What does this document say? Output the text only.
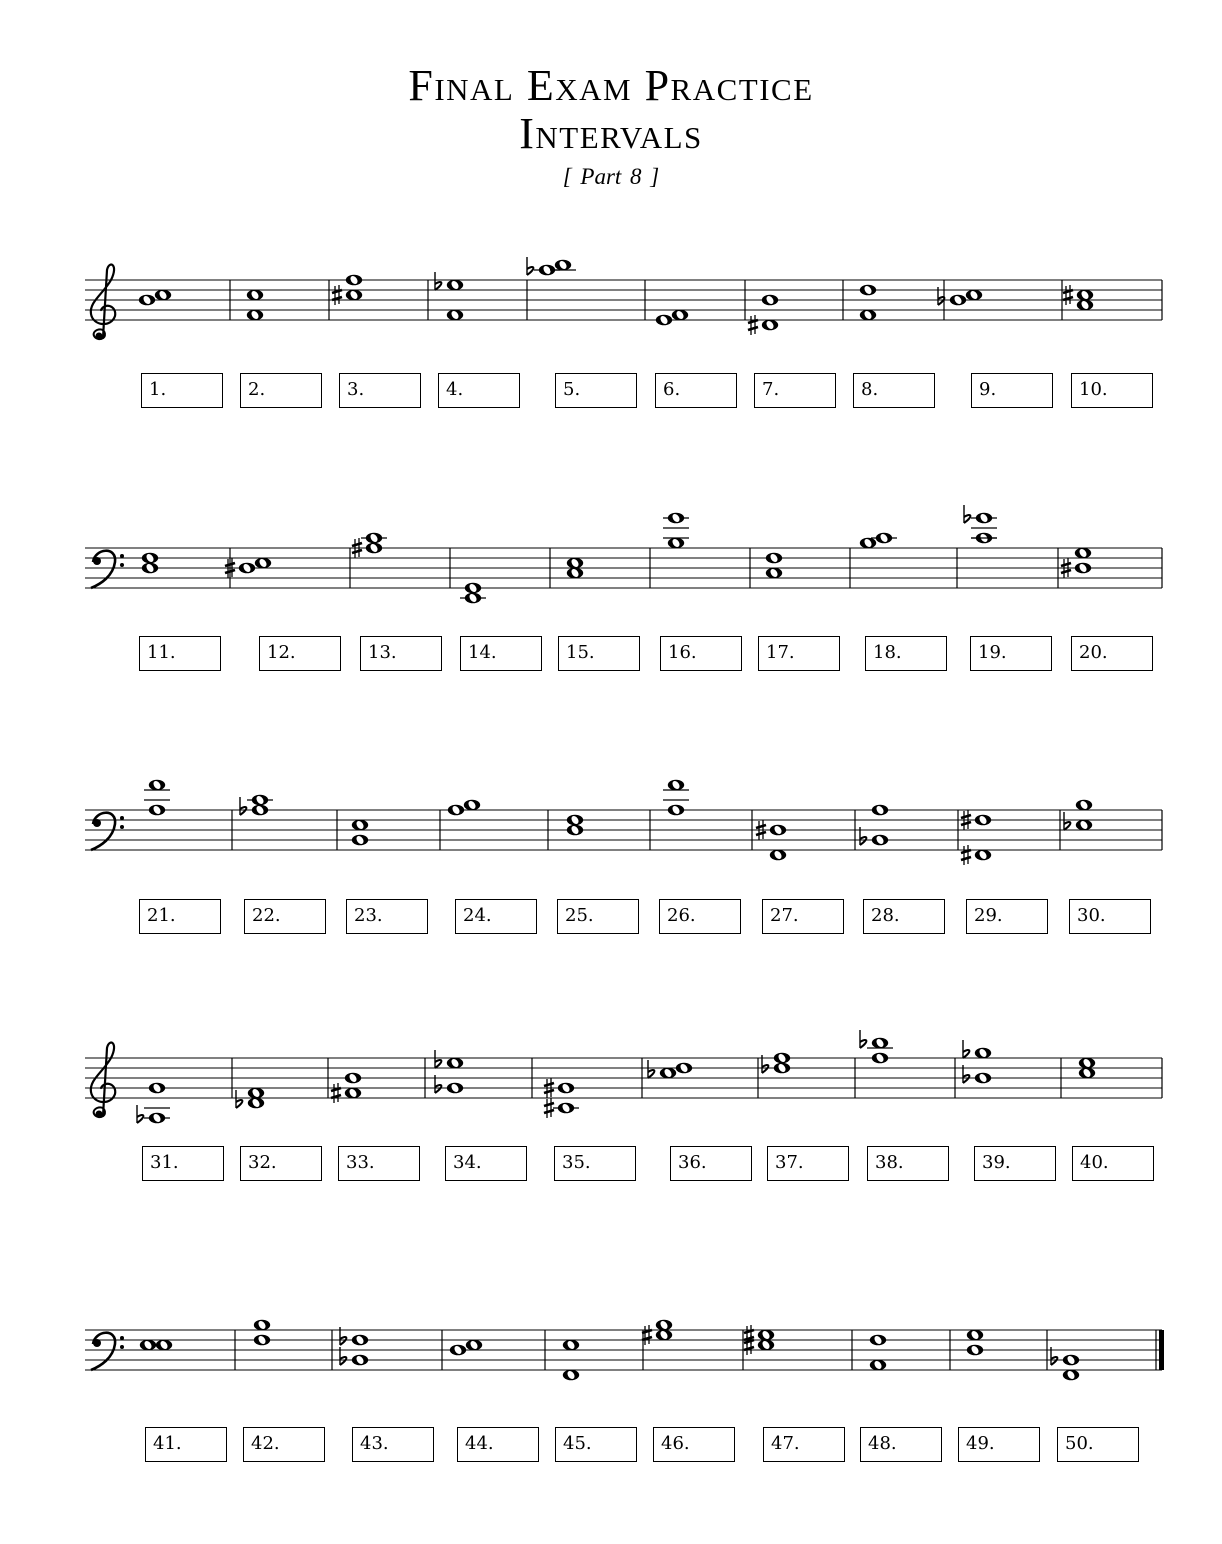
Final Exam Practice
Intervals
[ Part 8 ]
1.	2.	3.	4.	5.	6.	7.	8.	9.	10.
11.	12.	13.	14.	15.	16.	17.	18.	19.	20.
21.	22.	23.	24.	25.	26.	27.	28.	29.	30.
31.	32.	33.	34.	35.	36.	37.	38.	39.	40.
41.	42.	43.	44.	45.	46.	47.	48.	49.	50.
